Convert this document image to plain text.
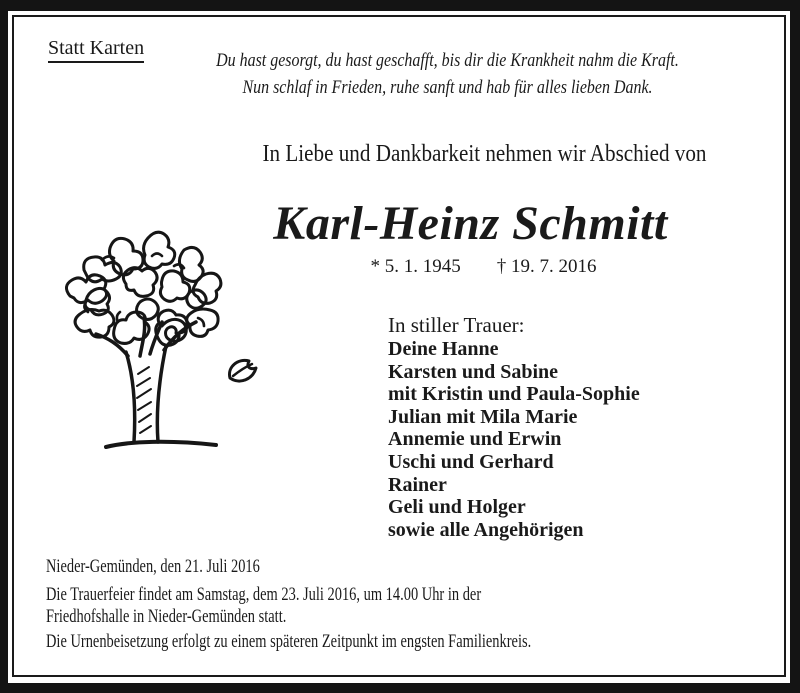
Statt Karten
Du hast gesorgt, du hast geschafft, bis dir die Krankheit nahm die Kraft.
Nun schlaf in Frieden, ruhe sanft und hab für alles lieben Dank.
In Liebe und Dankbarkeit nehmen wir Abschied von
Karl-Heinz Schmitt
* 5. 1. 1945 † 19. 7. 2016
In stiller Trauer:
Deine Hanne
Karsten und Sabine
mit Kristin und Paula-Sophie
Julian mit Mila Marie
Annemie und Erwin
Uschi und Gerhard
Rainer
Geli und Holger
sowie alle Angehörigen
Nieder-Gemünden, den 21. Juli 2016
Die Trauerfeier findet am Samstag, dem 23. Juli 2016, um 14.00 Uhr in der Friedhofshalle in Nieder-Gemünden statt.
Die Urnenbeisetzung erfolgt zu einem späteren Zeitpunkt im engsten Familienkreis.
